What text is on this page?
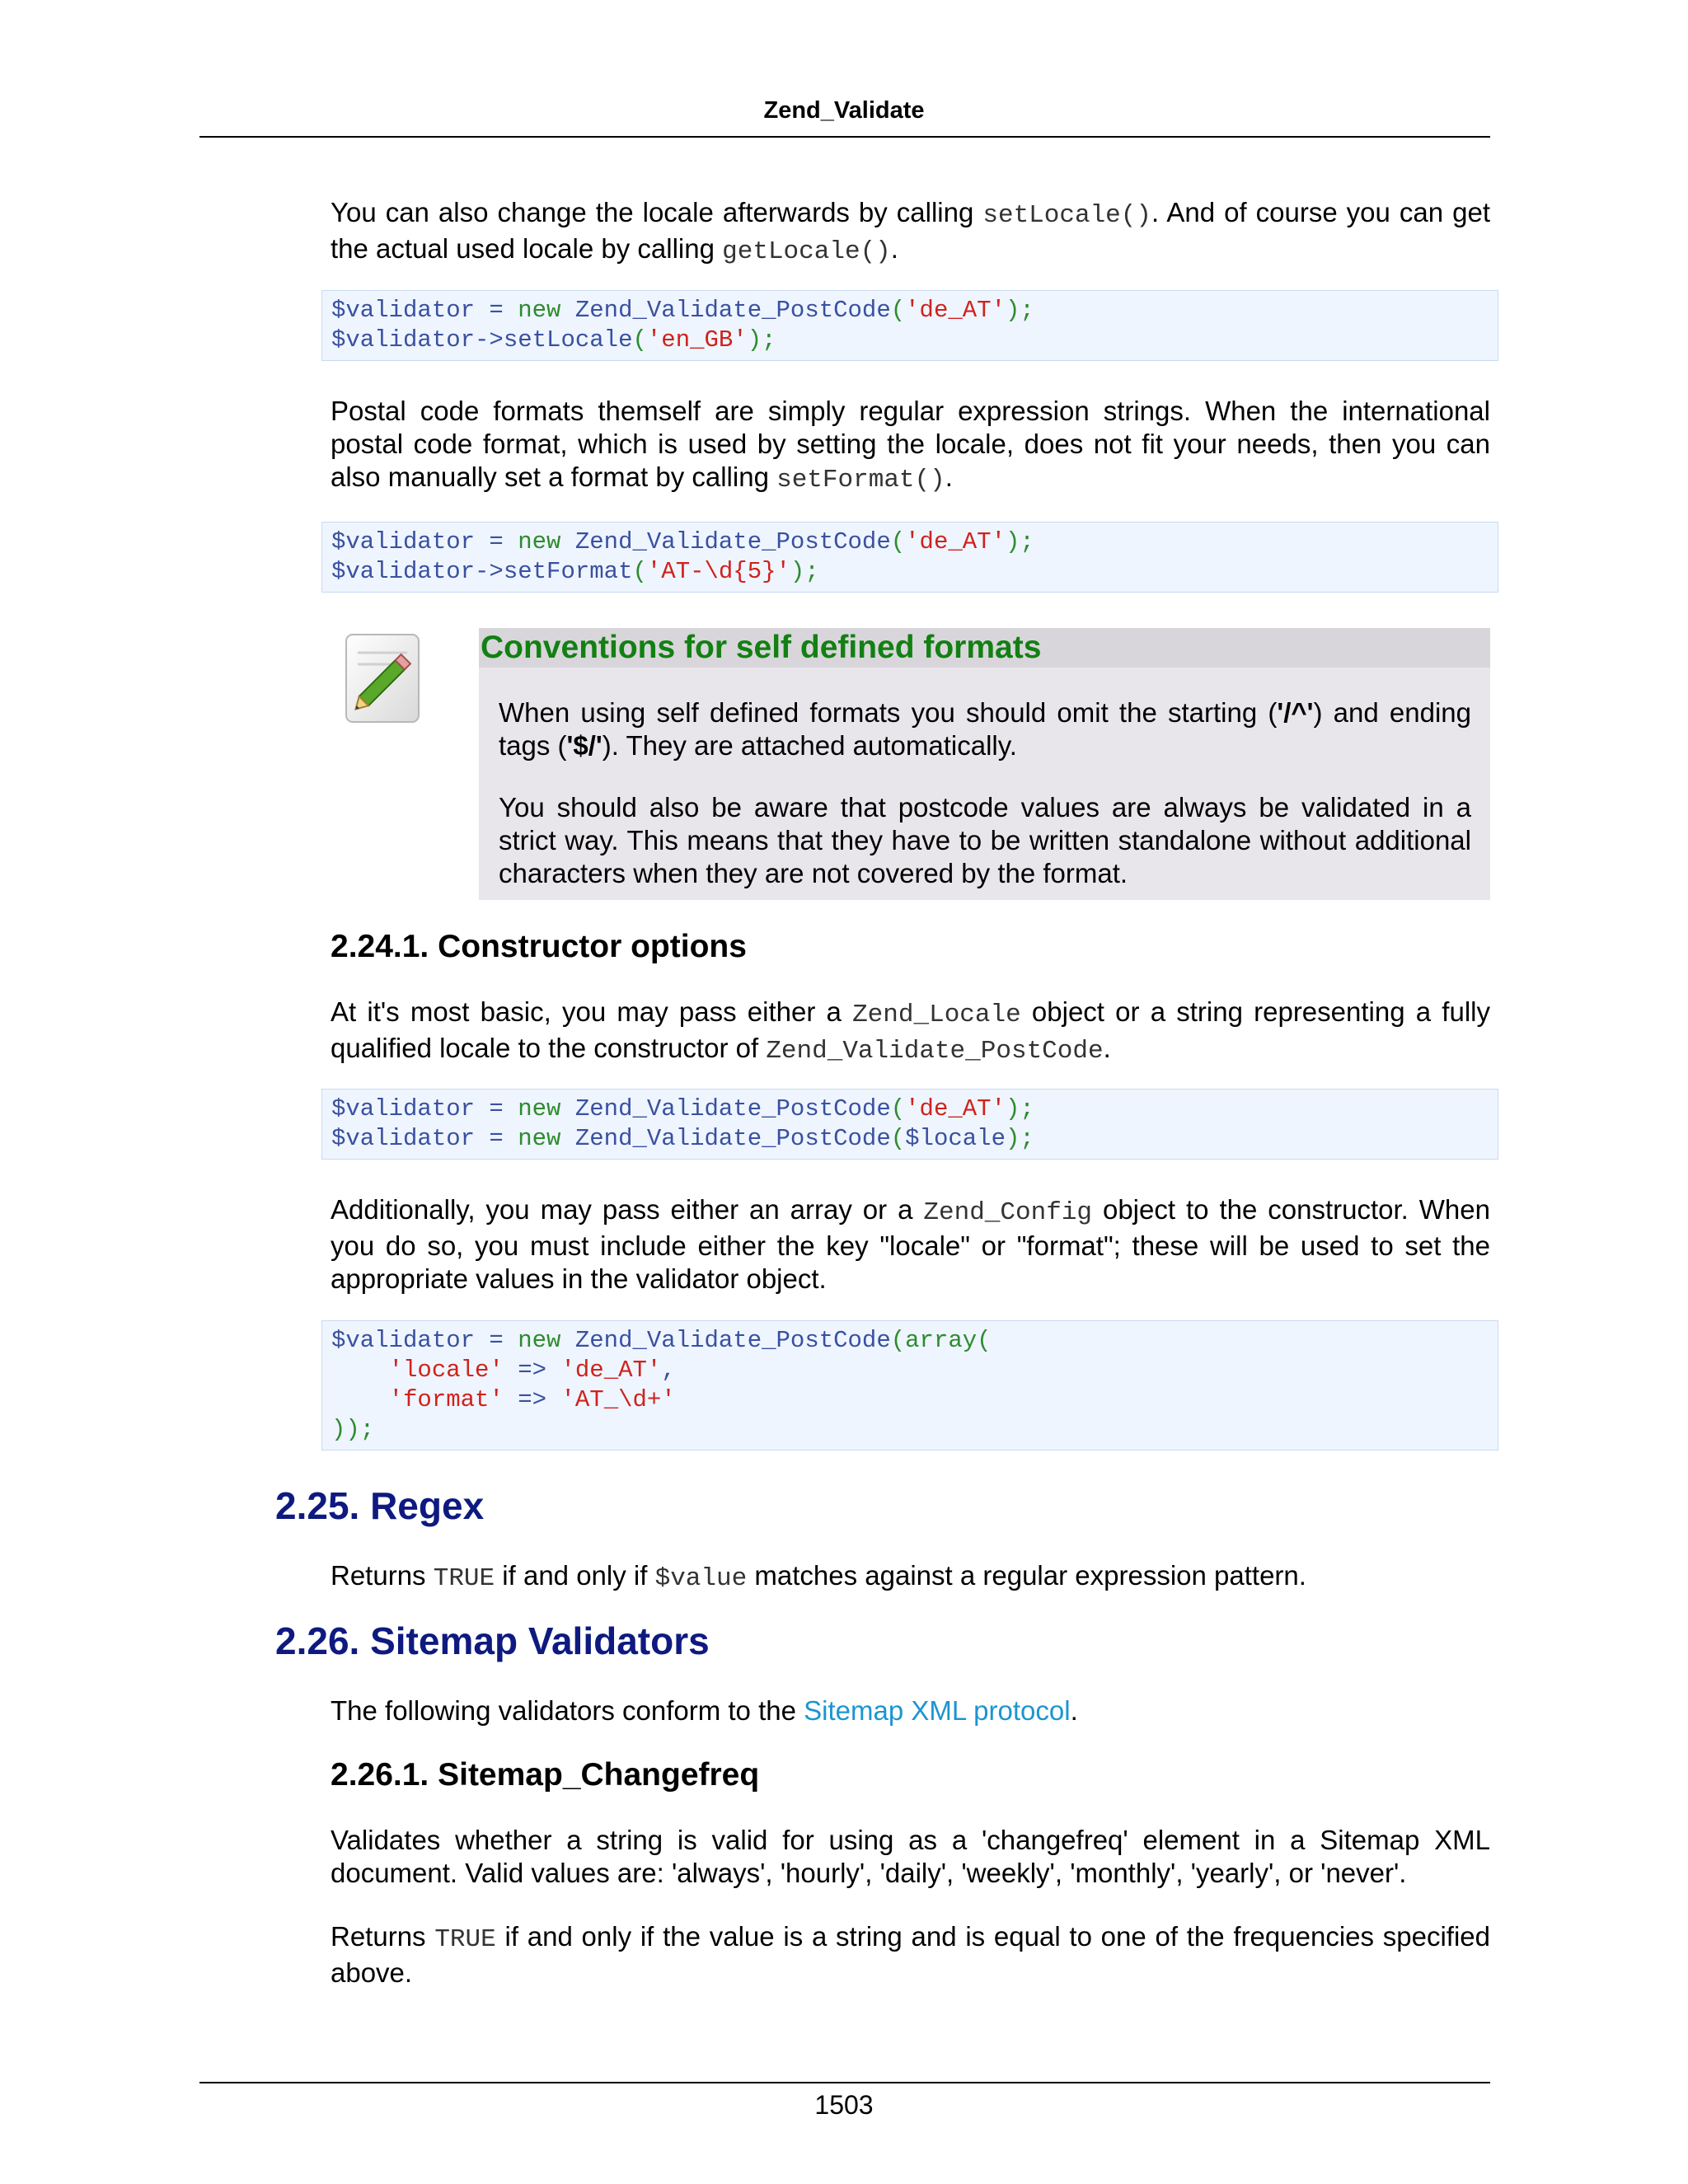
Zend_Validate

You can also change the locale afterwards by calling setLocale(). And of course you can get the actual used locale by calling getLocale().

$validator = new Zend_Validate_PostCode('de_AT');
$validator->setLocale('en_GB');

Postal code formats themself are simply regular expression strings. When the international postal code format, which is used by setting the locale, does not fit your needs, then you can also manually set a format by calling setFormat().

$validator = new Zend_Validate_PostCode('de_AT');
$validator->setFormat('AT-\d{5}');
Conventions for self defined formats

When using self defined formats you should omit the starting ('/^') and ending tags ('$/'). They are attached automatically.

You should also be aware that postcode values are always be validated in a strict way. This means that they have to be written standalone without additional characters when they are not covered by the format.

2.24.1. Constructor options

At it's most basic, you may pass either a Zend_Locale object or a string representing a fully qualified locale to the constructor of Zend_Validate_PostCode.

$validator = new Zend_Validate_PostCode('de_AT');
$validator = new Zend_Validate_PostCode($locale);

Additionally, you may pass either an array or a Zend_Config object to the constructor. When you do so, you must include either the key "locale" or "format"; these will be used to set the appropriate values in the validator object.

$validator = new Zend_Validate_PostCode(array(
'locale' => 'de_AT',
'format' => 'AT_\d+'
));
2.25. Regex

Returns TRUE if and only if $value matches against a regular expression pattern.

2.26. Sitemap Validators

The following validators conform to the Sitemap XML protocol.

2.26.1. Sitemap_Changefreq

Validates whether a string is valid for using as a 'changefreq' element in a Sitemap XML document. Valid values are: 'always', 'hourly', 'daily', 'weekly', 'monthly', 'yearly', or 'never'.

Returns TRUE if and only if the value is a string and is equal to one of the frequencies specified above.

1503
